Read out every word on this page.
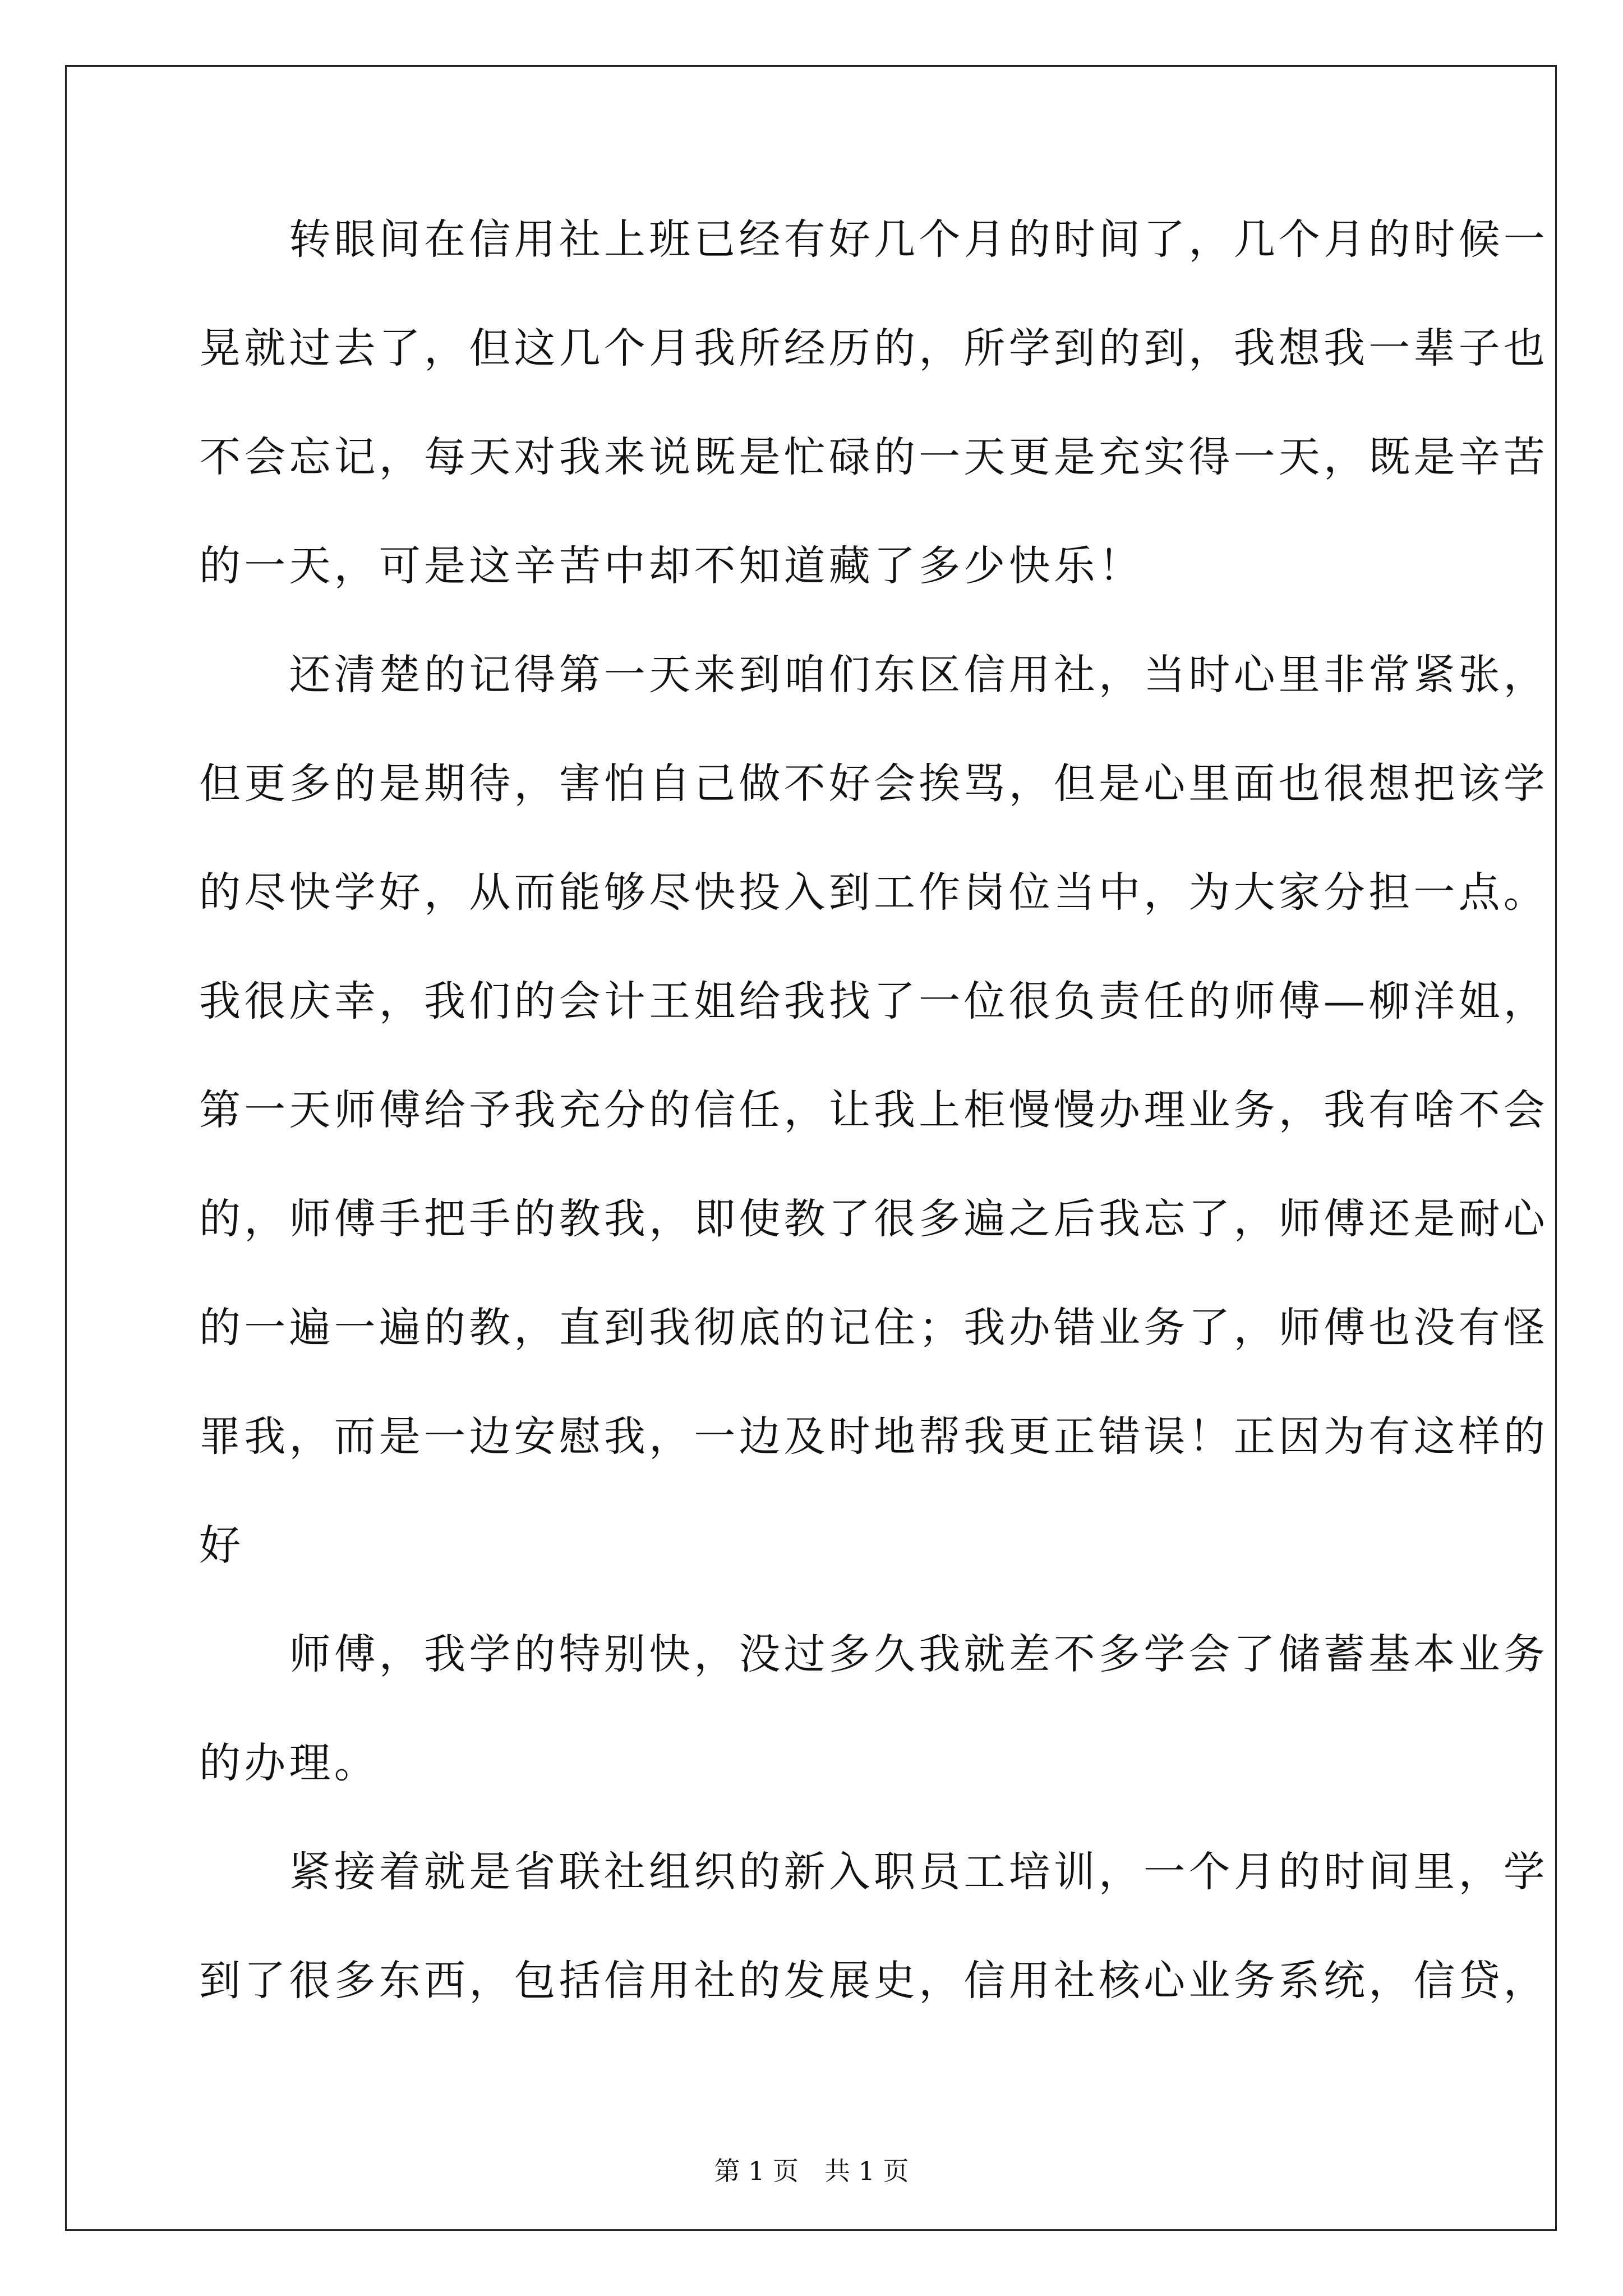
　　转眼间在信用社上班已经有好几个月的时间了，几个月的时候一
晃就过去了，但这几个月我所经历的，所学到的到，我想我一辈子也
不会忘记，每天对我来说既是忙碌的一天更是充实得一天，既是辛苦
的一天，可是这辛苦中却不知道藏了多少快乐！
　　还清楚的记得第一天来到咱们东区信用社，当时心里非常紧张，
但更多的是期待，害怕自己做不好会挨骂，但是心里面也很想把该学
的尽快学好，从而能够尽快投入到工作岗位当中，为大家分担一点。
我很庆幸，我们的会计王姐给我找了一位很负责任的师傅—柳洋姐，
第一天师傅给予我充分的信任，让我上柜慢慢办理业务，我有啥不会
的，师傅手把手的教我，即使教了很多遍之后我忘了，师傅还是耐心
的一遍一遍的教，直到我彻底的记住；我办错业务了，师傅也没有怪
罪我，而是一边安慰我，一边及时地帮我更正错误！正因为有这样的
好
　　师傅，我学的特别快，没过多久我就差不多学会了储蓄基本业务
的办理。
　　紧接着就是省联社组织的新入职员工培训，一个月的时间里，学
到了很多东西，包括信用社的发展史，信用社核心业务系统，信贷，
第 1 页　共 1 页
